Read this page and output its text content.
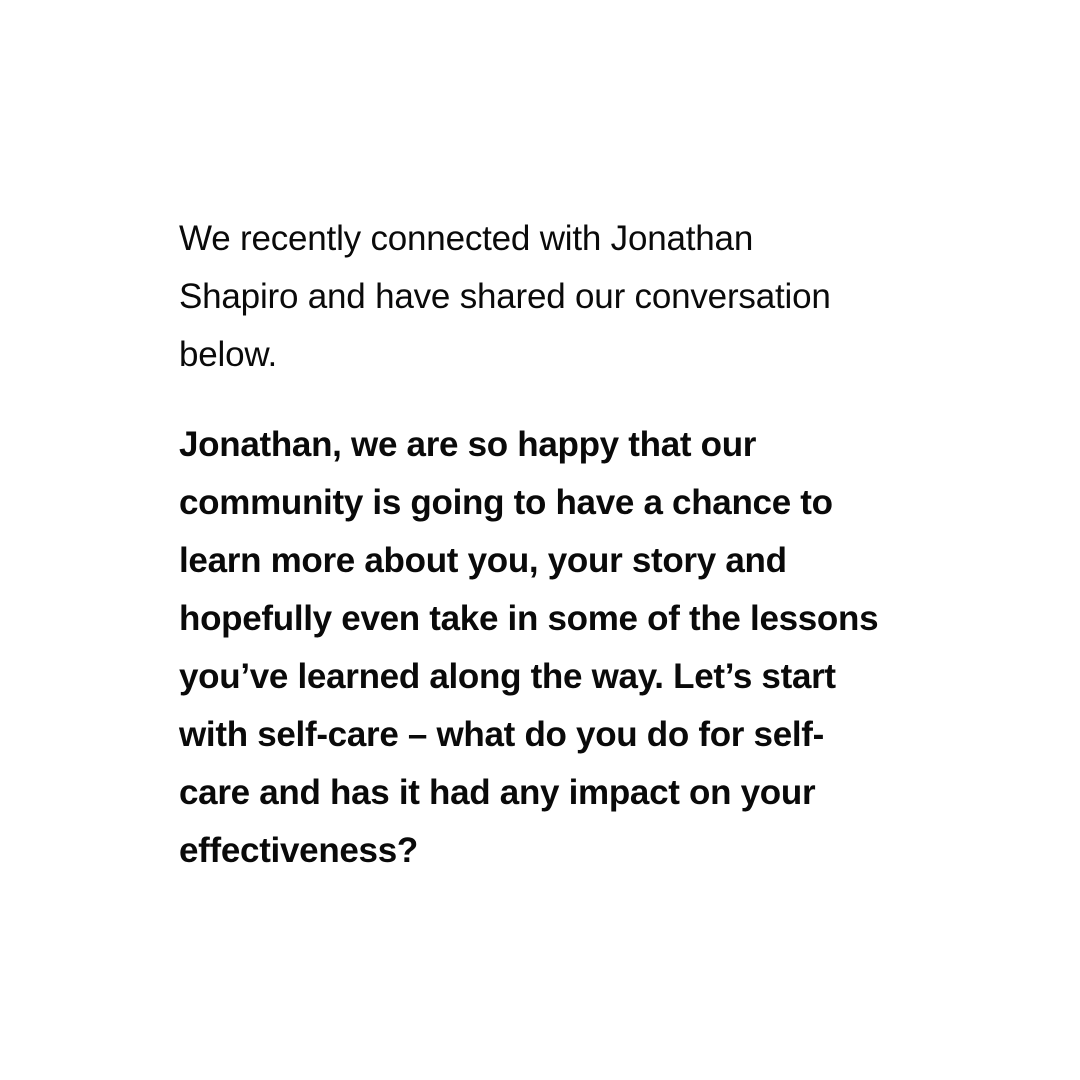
We recently connected with Jonathan
Shapiro and have shared our conversation
below.

Jonathan, we are so happy that our
community is going to have a chance to
learn more about you, your story and
hopefully even take in some of the lessons
you’ve learned along the way. Let’s start
with self-care – what do you do for self-
care and has it had any impact on your
effectiveness?
